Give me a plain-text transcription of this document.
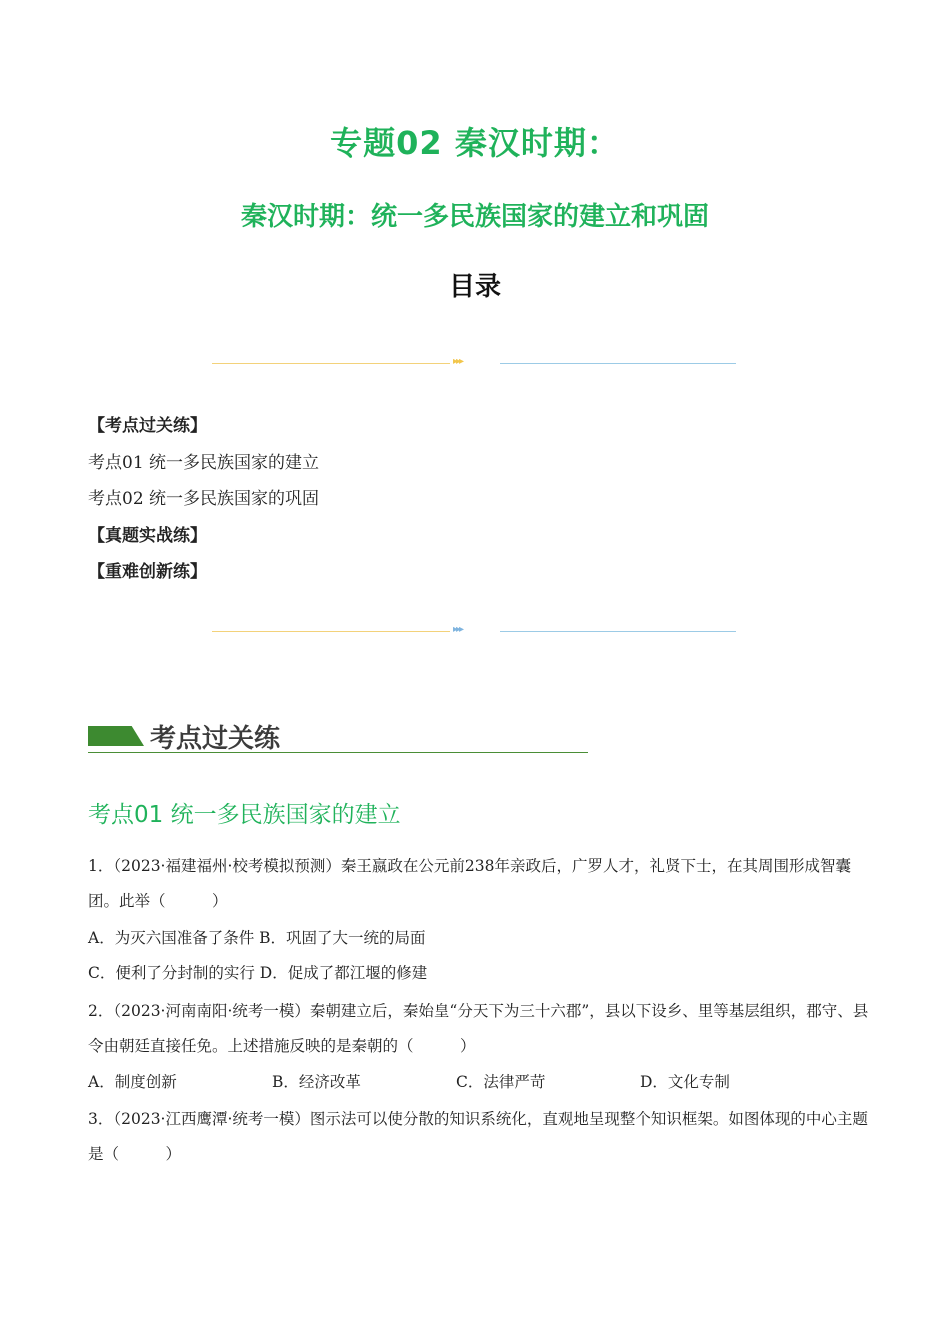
专题02 秦汉时期：
秦汉时期：统一多民族国家的建立和巩固
目录
▸▸▸
【考点过关练】
考点01 统一多民族国家的建立
考点02 统一多民族国家的巩固
【真题实战练】
【重难创新练】
▸▸▸
考点过关练
考点01 统一多民族国家的建立
1．（2023·福建福州·校考模拟预测）秦王嬴政在公元前238年亲政后，广罗人才，礼贤下士，在其周围形成智囊团。此举（　　　）
A．为灭六国准备了条件 B．巩固了大一统的局面
C．便利了分封制的实行 D．促成了都江堰的修建
2．（2023·河南南阳·统考一模）秦朝建立后，秦始皇“分天下为三十六郡”，县以下设乡、里等基层组织，郡守、县令由朝廷直接任免。上述措施反映的是秦朝的（　　　）
A．制度创新	B．经济改革	C．法律严苛	D．文化专制
3．（2023·江西鹰潭·统考一模）图示法可以使分散的知识系统化，直观地呈现整个知识框架。如图体现的中心主题是（　　　）
